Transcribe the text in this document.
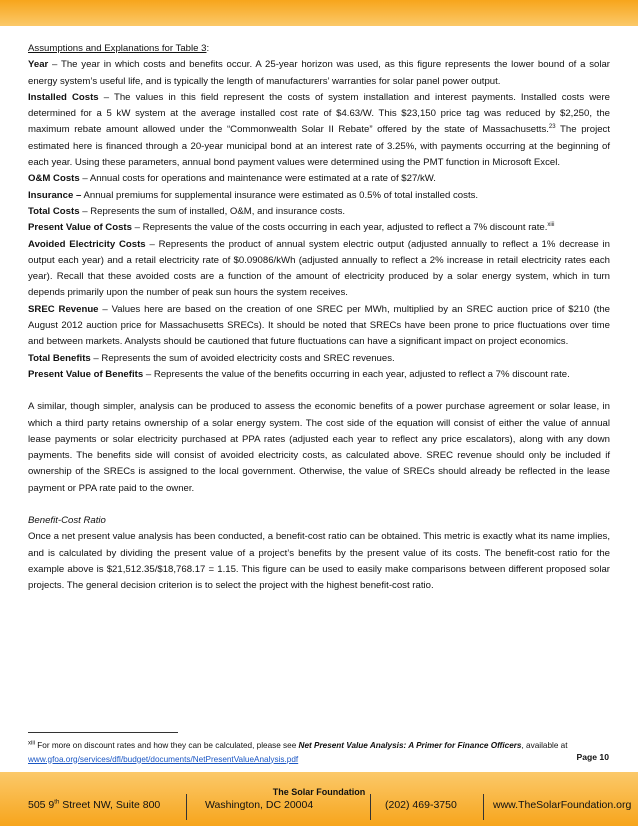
Assumptions and Explanations for Table 3:

Year – The year in which costs and benefits occur. A 25-year horizon was used, as this figure represents the lower bound of a solar energy system’s useful life, and is typically the length of manufacturers’ warranties for solar panel power output.

Installed Costs – The values in this field represent the costs of system installation and interest payments. Installed costs were determined for a 5 kW system at the average installed cost rate of $4.63/W. This $23,150 price tag was reduced by $2,250, the maximum rebate amount allowed under the “Commonwealth Solar II Rebate” offered by the state of Massachusetts.$^{23}$ The project estimated here is financed through a 20-year municipal bond at an interest rate of 3.25%, with payments occurring at the beginning of each year. Using these parameters, annual bond payment values were determined using the PMT function in Microsoft Excel.

O&M Costs – Annual costs for operations and maintenance were estimated at a rate of $27/kW.

Insurance – Annual premiums for supplemental insurance were estimated as 0.5% of total installed costs.

Total Costs – Represents the sum of installed, O&M, and insurance costs.

Present Value of Costs – Represents the value of the costs occurring in each year, adjusted to reflect a 7% discount rate.$^{xiii}$

Avoided Electricity Costs – Represents the product of annual system electric output (adjusted annually to reflect a 1% decrease in output each year) and a retail electricity rate of $0.09086/kWh (adjusted annually to reflect a 2% increase in retail electricity rates each year). Recall that these avoided costs are a function of the amount of electricity produced by a solar energy system, which in turn depends primarily upon the number of peak sun hours the system receives.

SREC Revenue – Values here are based on the creation of one SREC per MWh, multiplied by an SREC auction price of $210 (the August 2012 auction price for Massachusetts SRECs). It should be noted that SRECs have been prone to price fluctuations over time and between markets. Analysts should be cautioned that future fluctuations can have a significant impact on project economics.

Total Benefits – Represents the sum of avoided electricity costs and SREC revenues.

Present Value of Benefits – Represents the value of the benefits occurring in each year, adjusted to reflect a 7% discount rate.

A similar, though simpler, analysis can be produced to assess the economic benefits of a power purchase agreement or solar lease, in which a third party retains ownership of a solar energy system. The cost side of the equation will consist of either the value of annual lease payments or solar electricity purchased at PPA rates (adjusted each year to reflect any price escalators), along with any down payments. The benefits side will consist of avoided electricity costs, as calculated above. SREC revenue should only be included if ownership of the SRECs is assigned to the local government. Otherwise, the value of SRECs should already be reflected in the lease payment or PPA rate paid to the owner.

Benefit-Cost Ratio

Once a net present value analysis has been conducted, a benefit-cost ratio can be obtained. This metric is exactly what its name implies, and is calculated by dividing the present value of a project’s benefits by the present value of its costs. The benefit-cost ratio for the example above is $21,512.35/$18,768.17 = 1.15. This figure can be used to easily make comparisons between different proposed solar projects. The general decision criterion is to select the project with the highest benefit-cost ratio.

$^{xiii}$ For more on discount rates and how they can be calculated, please see Net Present Value Analysis: A Primer for Finance Officers, available at
www.gfoa.org/services/dfl/budget/documents/NetPresentValueAnalysis.pdf	Page 10
The Solar Foundation
505 9th Street NW, Suite 800	Washington, DC 20004	(202) 469-3750	www.TheSolarFoundation.org
